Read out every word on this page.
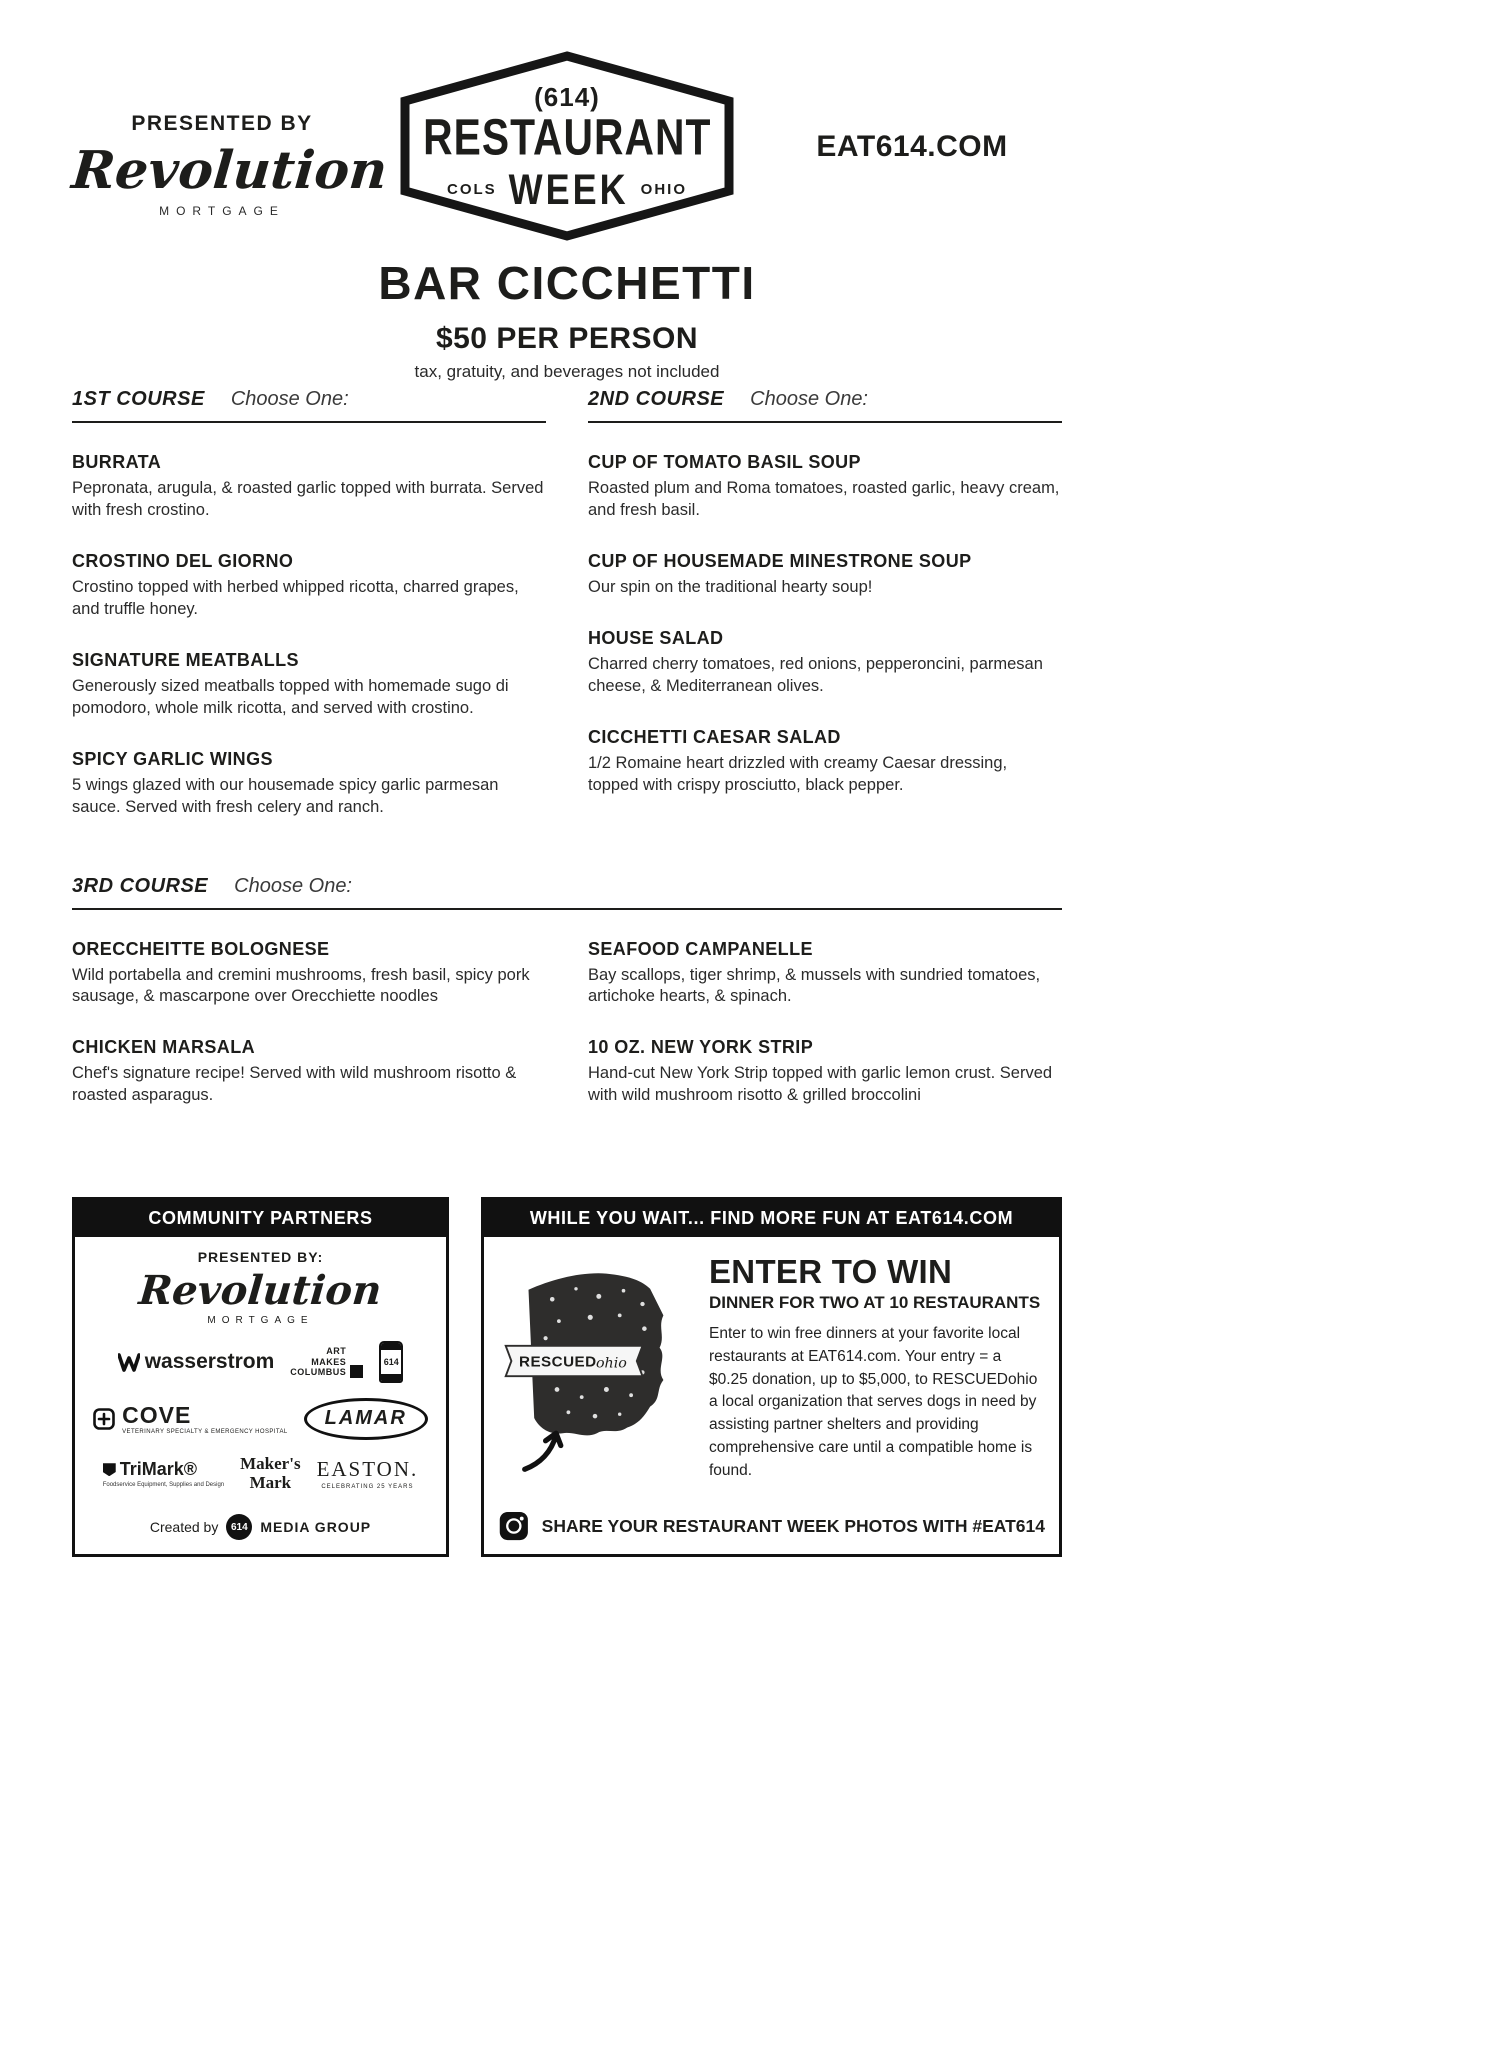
PRESENTED BY
Revolution
MORTGAGE
(614)
RESTAURANT
COLS WEEK OHIO
EAT614.COM
BAR CICCHETTI
$50 PER PERSON
tax, gratuity, and beverages not included
1ST COURSE Choose One:
BURRATA

Pepronata, arugula, & roasted garlic topped with burrata. Served with fresh crostino.

CROSTINO DEL GIORNO

Crostino topped with herbed whipped ricotta, charred grapes, and truffle honey.

SIGNATURE MEATBALLS

Generously sized meatballs topped with homemade sugo di pomodoro, whole milk ricotta, and served with crostino.

SPICY GARLIC WINGS

5 wings glazed with our housemade spicy garlic parmesan sauce. Served with fresh celery and ranch.

2ND COURSE Choose One:
CUP OF TOMATO BASIL SOUP

Roasted plum and Roma tomatoes, roasted garlic, heavy cream, and fresh basil.

CUP OF HOUSEMADE MINESTRONE SOUP

Our spin on the traditional hearty soup!

HOUSE SALAD

Charred cherry tomatoes, red onions, pepperoncini, parmesan cheese, & Mediterranean olives.

CICCHETTI CAESAR SALAD

1/2 Romaine heart drizzled with creamy Caesar dressing, topped with crispy prosciutto, black pepper.

3RD COURSE Choose One:
ORECCHEITTE BOLOGNESE

Wild portabella and cremini mushrooms, fresh basil, spicy pork sausage, & mascarpone over Orecchiette noodles

CHICKEN MARSALA

Chef's signature recipe! Served with wild mushroom risotto & roasted asparagus.

SEAFOOD CAMPANELLE

Bay scallops, tiger shrimp, & mussels with sundried tomatoes, artichoke hearts, & spinach.

10 OZ. NEW YORK STRIP

Hand-cut New York Strip topped with garlic lemon crust. Served with wild mushroom risotto & grilled broccolini

COMMUNITY PARTNERS
PRESENTED BY:
Revolution
MORTGAGE
wasserstrom	ART
MAKES
COLUMBUS
614
COVE
VETERINARY SPECIALTY & EMERGENCY HOSPITAL
LAMAR
TriMark®
Foodservice Equipment, Supplies and Design
Maker's
Mark
EASTON.
CELEBRATING 25 YEARS
Created by	614 MEDIA GROUP
WHILE YOU WAIT... FIND MORE FUN AT EAT614.COM
RESCUED ohio
ENTER TO WIN
DINNER FOR TWO AT 10 RESTAURANTS
Enter to win free dinners at your favorite local restaurants at EAT614.com. Your entry = a $0.25 donation, up to $5,000, to RESCUEDohio a local organization that serves dogs in need by assisting partner shelters and providing comprehensive care until a compatible home is found.
SHARE YOUR RESTAURANT WEEK PHOTOS WITH #EAT614
